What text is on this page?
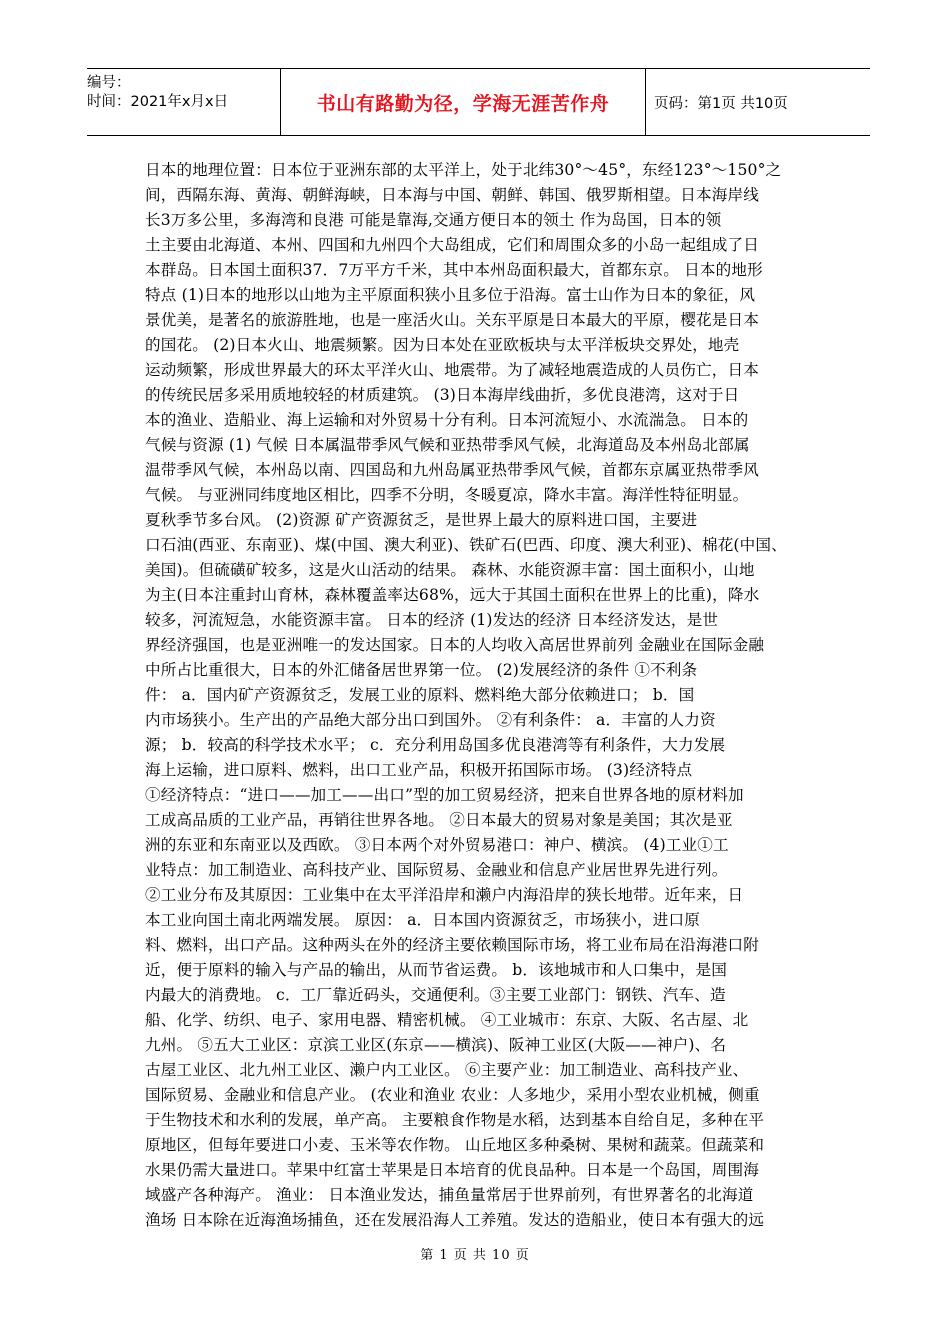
编号：
时间：2021年x月x日	书山有路勤为径，学海无涯苦作舟	页码：第1页 共10页
日本的地理位置：日本位于亚洲东部的太平洋上，处于北纬30°～45°，东经123°～150°之
间，西隔东海、黄海、朝鲜海峡，日本海与中国、朝鲜、韩国、俄罗斯相望。日本海岸线
长3万多公里，多海湾和良港 可能是靠海,交通方便日本的领土 作为岛国，日本的领
土主要由北海道、本州、四国和九州四个大岛组成，它们和周围众多的小岛一起组成了日
本群岛。日本国土面积37．7万平方千米，其中本州岛面积最大，首都东京。 日本的地形
特点 (1)日本的地形以山地为主平原面积狭小且多位于沿海。富士山作为日本的象征，风
景优美，是著名的旅游胜地，也是一座活火山。关东平原是日本最大的平原，樱花是日本
的国花。 (2)日本火山、地震频繁。因为日本处在亚欧板块与太平洋板块交界处，地壳
运动频繁，形成世界最大的环太平洋火山、地震带。为了减轻地震造成的人员伤亡，日本
的传统民居多采用质地较轻的材质建筑。 (3)日本海岸线曲折，多优良港湾，这对于日
本的渔业、造船业、海上运输和对外贸易十分有利。日本河流短小、水流湍急。 日本的
气候与资源 (1) 气候 日本属温带季风气候和亚热带季风气候，北海道岛及本州岛北部属
温带季风气候，本州岛以南、四国岛和九州岛属亚热带季风气候，首都东京属亚热带季风
气候。 与亚洲同纬度地区相比，四季不分明，冬暖夏凉，降水丰富。海洋性特征明显。
夏秋季节多台风。 (2)资源 矿产资源贫乏，是世界上最大的原料进口国，主要进
口石油(西亚、东南亚)、煤(中国、澳大利亚)、铁矿石(巴西、印度、澳大利亚)、棉花(中国、
美国)。但硫磺矿较多，这是火山活动的结果。 森林、水能资源丰富：国土面积小，山地
为主(日本注重封山育林，森林覆盖率达68%，远大于其国土面积在世界上的比重)，降水
较多，河流短急，水能资源丰富。 日本的经济 (1)发达的经济 日本经济发达，是世
界经济强国，也是亚洲唯一的发达国家。日本的人均收入高居世界前列 金融业在国际金融
中所占比重很大，日本的外汇储备居世界第一位。 (2)发展经济的条件 ①不利条
件： a．国内矿产资源贫乏，发展工业的原料、燃料绝大部分依赖进口； b．国
内市场狭小。生产出的产品绝大部分出口到国外。 ②有利条件： a．丰富的人力资
源； b．较高的科学技术水平； c．充分利用岛国多优良港湾等有利条件，大力发展
海上运输，进口原料、燃料，出口工业产品，积极开拓国际市场。 (3)经济特点
①经济特点：“进口——加工——出口”型的加工贸易经济，把来自世界各地的原材料加
工成高品质的工业产品，再销往世界各地。 ②日本最大的贸易对象是美国；其次是亚
洲的东亚和东南亚以及西欧。 ③日本两个对外贸易港口：神户、横滨。 (4)工业①工
业特点：加工制造业、高科技产业、国际贸易、金融业和信息产业居世界先进行列。
②工业分布及其原因：工业集中在太平洋沿岸和濑户内海沿岸的狭长地带。近年来，日
本工业向国土南北两端发展。 原因： a．日本国内资源贫乏，市场狭小，进口原
料、燃料，出口产品。这种两头在外的经济主要依赖国际市场，将工业布局在沿海港口附
近，便于原料的输入与产品的输出，从而节省运费。 b．该地城市和人口集中，是国
内最大的消费地。 c．工厂靠近码头，交通便利。③主要工业部门：钢铁、汽车、造
船、化学、纺织、电子、家用电器、精密机械。 ④工业城市：东京、大阪、名古屋、北
九州。 ⑤五大工业区：京滨工业区(东京——横滨)、阪神工业区(大阪——神户)、名
古屋工业区、北九州工业区、濑户内工业区。 ⑥主要产业：加工制造业、高科技产业、
国际贸易、金融业和信息产业。 (农业和渔业 农业：人多地少，采用小型农业机械，侧重
于生物技术和水利的发展，单产高。 主要粮食作物是水稻，达到基本自给自足，多种在平
原地区，但每年要进口小麦、玉米等农作物。 山丘地区多种桑树、果树和蔬菜。但蔬菜和
水果仍需大量进口。苹果中红富士苹果是日本培育的优良品种。日本是一个岛国，周围海
域盛产各种海产。 渔业： 日本渔业发达，捕鱼量常居于世界前列，有世界著名的北海道
渔场 日本除在近海渔场捕鱼，还在发展沿海人工养殖。发达的造船业，使日本有强大的远
第 1 页 共 10 页
